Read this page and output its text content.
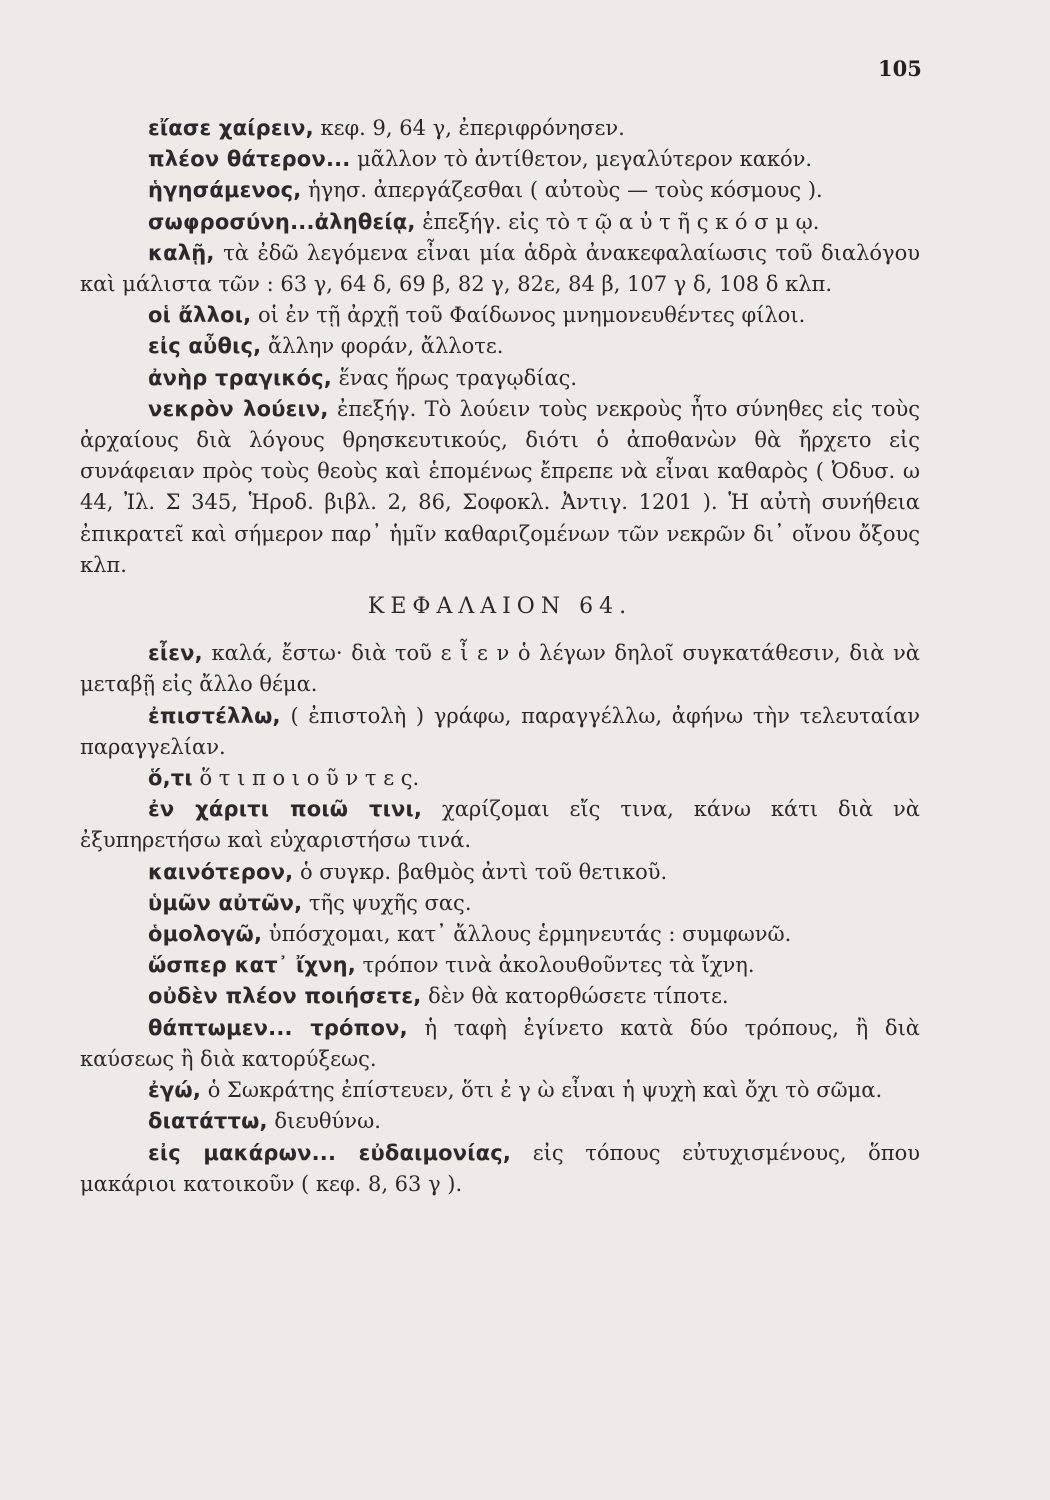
105

εἴασε χαίρειν, κεφ. 9, 64 γ, ἐπεριφρόνησεν.

πλέον θάτερον... μᾶλλον τὸ ἀντίθετον, μεγαλύτερον κακόν.

ἡγησάμενος, ἡγησ. ἀπεργάζεσθαι ( αὐτοὺς — τοὺς κόσμους ).

σωφροσύνη...ἀληθείᾳ, ἐπεξήγ. εἰς τὸ τ ῷ α ὐ τ ῆ ς κ ό σ μ ῳ.

καλῇ, τὰ ἐδῶ λεγόμενα εἶναι μία ἁδρὰ ἀνακεφαλαίωσις τοῦ διαλόγου καὶ μάλιστα τῶν : 63 γ, 64 δ, 69 β, 82 γ, 82ε, 84 β, 107 γ δ, 108 δ κλπ.

οἱ ἄλλοι, οἱ ἐν τῇ ἀρχῇ τοῦ Φαίδωνος μνημονευθέντες φίλοι.

εἰς αὖθις, ἄλλην φοράν, ἄλλοτε.

ἀνὴρ τραγικός, ἕνας ἥρως τραγῳδίας.

νεκρὸν λούειν, ἐπεξήγ. Τὸ λούειν τοὺς νεκροὺς ἦτο σύνηθες εἰς τοὺς ἀρχαίους διὰ λόγους θρησκευτικούς, διότι ὁ ἀποθανὼν θὰ ἤρχετο εἰς συνάφειαν πρὸς τοὺς θεοὺς καὶ ἑπομένως ἔπρεπε νὰ εἶναι καθαρὸς ( Ὀδυσ. ω 44, Ἰλ. Σ 345, Ἡροδ. βιβλ. 2, 86, Σοφοκλ. Ἀντιγ. 1201 ). Ἡ αὐτὴ συνήθεια ἐπικρατεῖ καὶ σήμερον παρ᾽ ἡμῖν καθαριζομένων τῶν νεκρῶν δι᾽ οἴνου ὄξους κλπ.

ΚΕΦΑΛΑΙΟΝ 64.

εἶεν, καλά, ἔστω· διὰ τοῦ ε ἶ ε ν ὁ λέγων δηλοῖ συγκατάθεσιν, διὰ νὰ μεταβῇ εἰς ἄλλο θέμα.

ἐπιστέλλω, ( ἐπιστολὴ ) γράφω, παραγγέλλω, ἀφήνω τὴν τελευταίαν παραγγελίαν.

ὅ,τι ὅ τ ι π ο ι ο ῦ ν τ ε ς.

ἐν χάριτι ποιῶ τινι, χαρίζομαι εἴς τινα, κάνω κάτι διὰ νὰ ἐξυπηρετήσω καὶ εὐχαριστήσω τινά.

καινότερον, ὁ συγκρ. βαθμὸς ἀντὶ τοῦ θετικοῦ.

ὑμῶν αὐτῶν, τῆς ψυχῆς σας.

ὁμολογῶ, ὑπόσχομαι, κατ᾽ ἄλλους ἑρμηνευτάς : συμφωνῶ.

ὥσπερ κατ᾽ ἴχνη, τρόπον τινὰ ἀκολουθοῦντες τὰ ἴχνη.

οὐδὲν πλέον ποιήσετε, δὲν θὰ κατορθώσετε τίποτε.

θάπτωμεν... τρόπον, ἡ ταφὴ ἐγίνετο κατὰ δύο τρόπους, ἢ διὰ καύσεως ἢ διὰ κατορύξεως.

ἐγώ, ὁ Σωκράτης ἐπίστευεν, ὅτι ἐ γ ὼ εἶναι ἡ ψυχὴ καὶ ὄχι τὸ σῶμα.

διατάττω, διευθύνω.

εἰς μακάρων... εὐδαιμονίας, εἰς τόπους εὐτυχισμένους, ὅπου μακάριοι κατοικοῦν ( κεφ. 8, 63 γ ).
